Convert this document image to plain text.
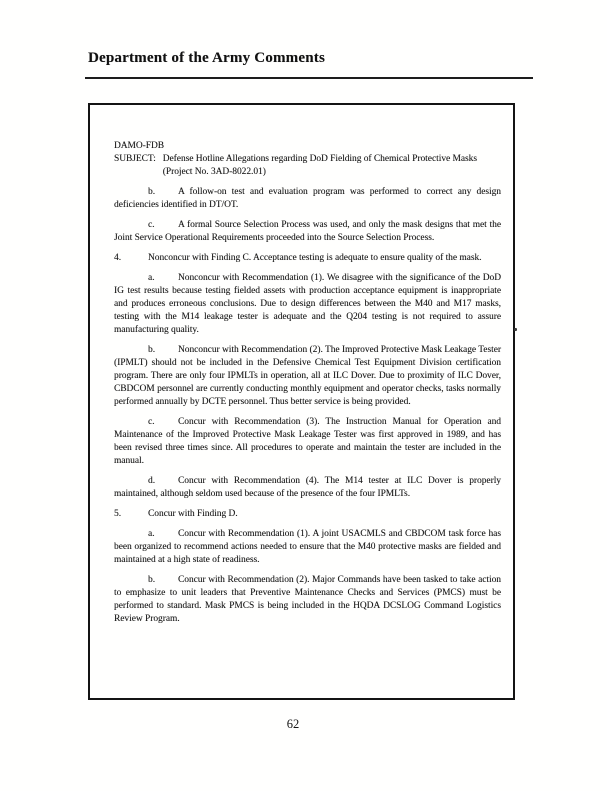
Department of the Army Comments
DAMO-FDB
SUBJECT: Defense Hotline Allegations regarding DoD Fielding of Chemical Protective Masks
(Project No. 3AD-8022.01)
b. A follow-on test and evaluation program was performed to correct any design deficiencies identified in DT/OT.
c. A formal Source Selection Process was used, and only the mask designs that met the Joint Service Operational Requirements proceeded into the Source Selection Process.
4.	Nonconcur with Finding C. Acceptance testing is adequate to ensure quality of the mask.
a. Nonconcur with Recommendation (1). We disagree with the significance of the DoD IG test results because testing fielded assets with production acceptance equipment is inappropriate and produces erroneous conclusions. Due to design differences between the M40 and M17 masks, testing with the M14 leakage tester is adequate and the Q204 testing is not required to assure manufacturing quality.
b. Nonconcur with Recommendation (2). The Improved Protective Mask Leakage Tester (IPMLT) should not be included in the Defensive Chemical Test Equipment Division certification program. There are only four IPMLTs in operation, all at ILC Dover. Due to proximity of ILC Dover, CBDCOM personnel are currently conducting monthly equipment and operator checks, tasks normally performed annually by DCTE personnel. Thus better service is being provided.
c. Concur with Recommendation (3). The Instruction Manual for Operation and Maintenance of the Improved Protective Mask Leakage Tester was first approved in 1989, and has been revised three times since. All procedures to operate and maintain the tester are included in the manual.
d. Concur with Recommendation (4). The M14 tester at ILC Dover is properly maintained, although seldom used because of the presence of the four IPMLTs.
5.	Concur with Finding D.
a. Concur with Recommendation (1). A joint USACMLS and CBDCOM task force has been organized to recommend actions needed to ensure that the M40 protective masks are fielded and maintained at a high state of readiness.
b. Concur with Recommendation (2). Major Commands have been tasked to take action to emphasize to unit leaders that Preventive Maintenance Checks and Services (PMCS) must be performed to standard. Mask PMCS is being included in the HQDA DCSLOG Command Logistics Review Program.
62
